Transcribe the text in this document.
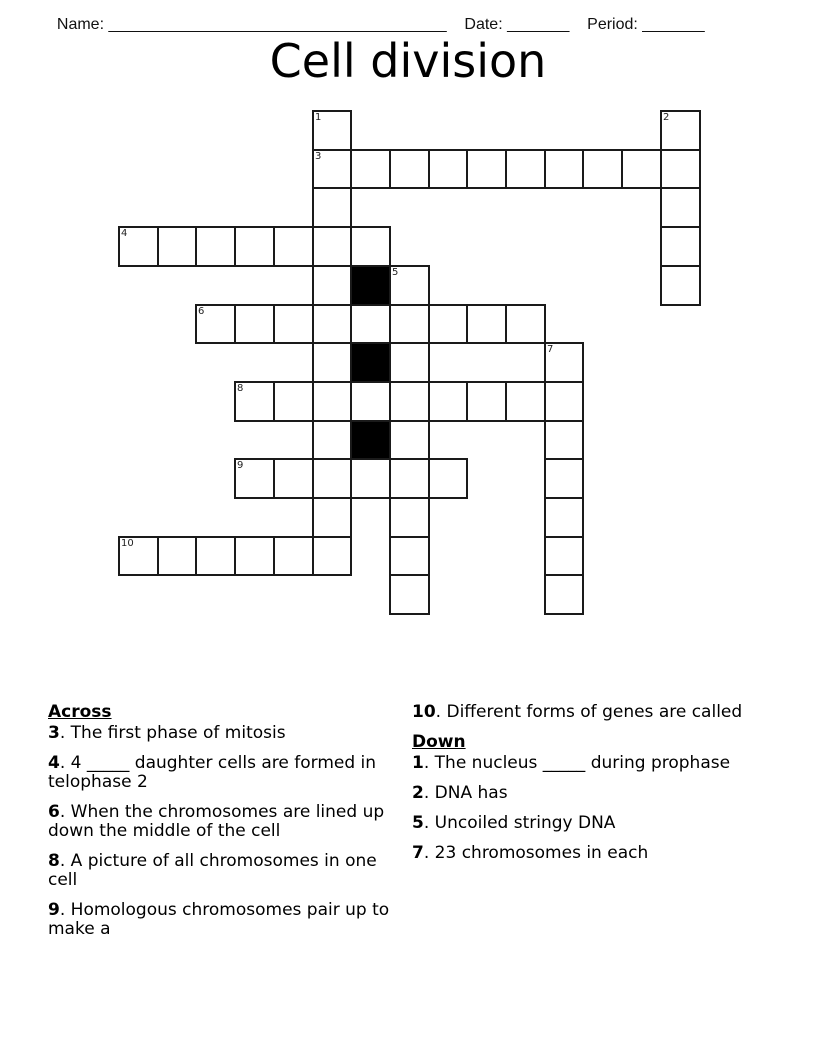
Name: ______________________________________ Date: _______ Period: _______

Cell division
1	2
3
4
5
6
7
8
9
10
Across
3. The first phase of mitosis
4. 4 _____ daughter cells are formed in telophase 2
6. When the chromosomes are lined up down the middle of the cell
8. A picture of all chromosomes in one cell
9. Homologous chromosomes pair up to make a
10. Different forms of genes are called
Down
1. The nucleus _____ during prophase
2. DNA has
5. Uncoiled stringy DNA
7. 23 chromosomes in each
